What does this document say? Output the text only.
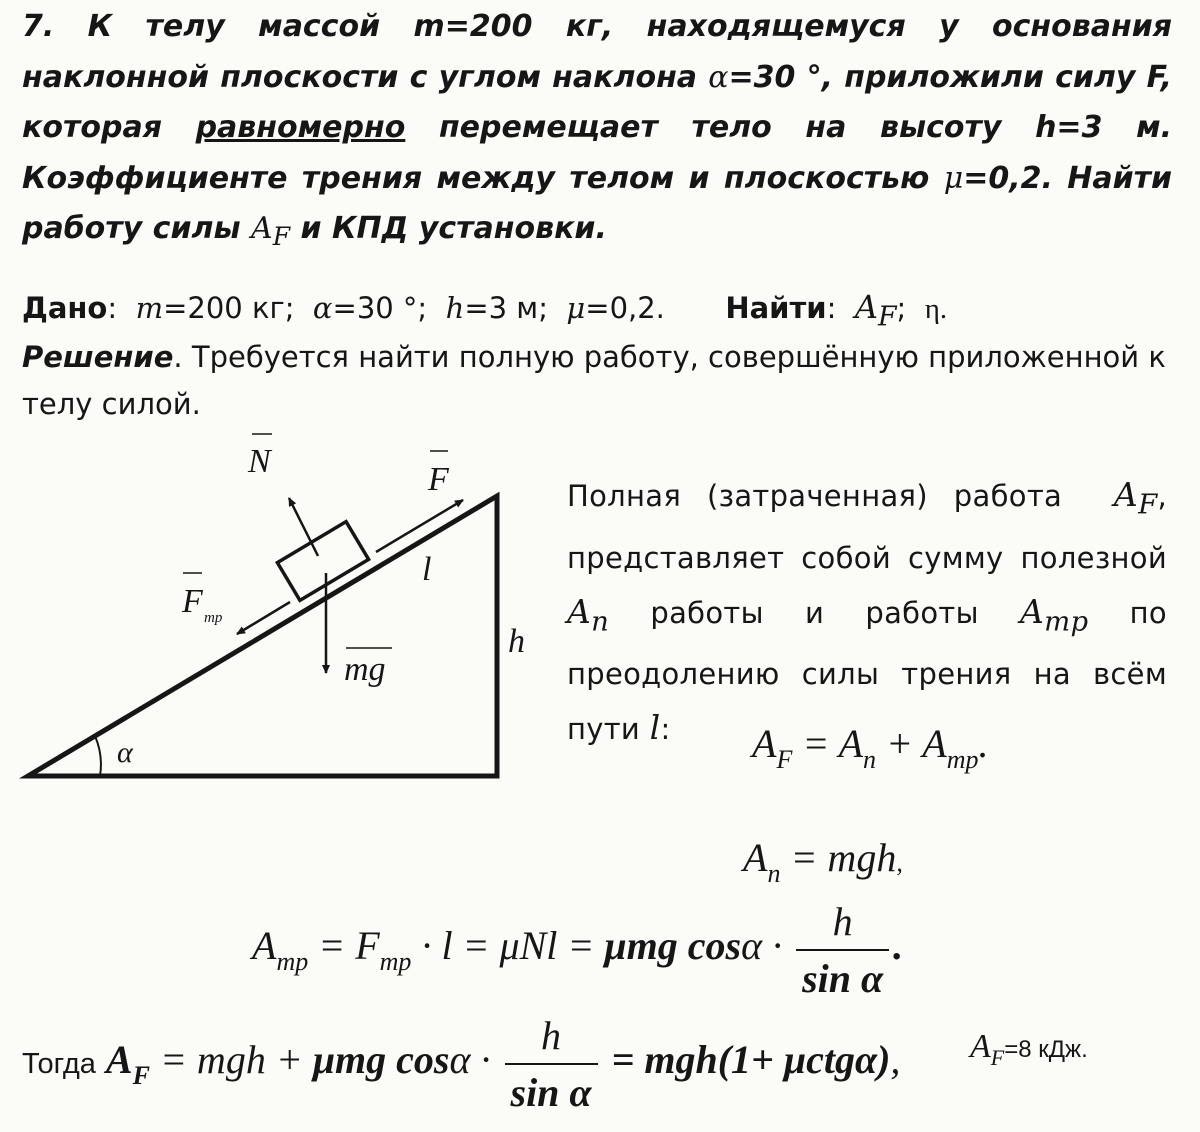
7. К телу массой m=200 кг, находящемуся у основания наклонной плоскости с углом наклона α=30 °, приложили силу F, которая равномерно перемещает тело на высоту h=3 м. Коэффициенте трения между телом и плоскостью μ=0,2. Найти работу силы $A_F$ и КПД установки.
Дано: m=200 кг; α=30 °; h=3 м; μ=0,2. Найти: $A_F$; η.
Решение. Требуется найти полную работу, совершённую приложенной к телу силой.
N	F
F тр
l
h
mg
α
Полная (затраченная) работа $A_F$, представляет собой сумму полезной $A_n$ работы и работы $A_{mp}$ по преодолению силы трения на всём пути l:	$A_F = A_n + A_{mp}$.
$A_n$ = mgh,
$A_{mp} = F_{mp} \cdot l = \mu Nl = \mu mg$ $\cos\alpha \cdot \frac{h}{\text{sin α}}$ .
Тогда $A_F$ = mgh + μmg $\cos\alpha \cdot \frac{h}{\text{sin α}} = mgh(1+ \mu ctg\alpha)$, $A_F=8$ кДж.
